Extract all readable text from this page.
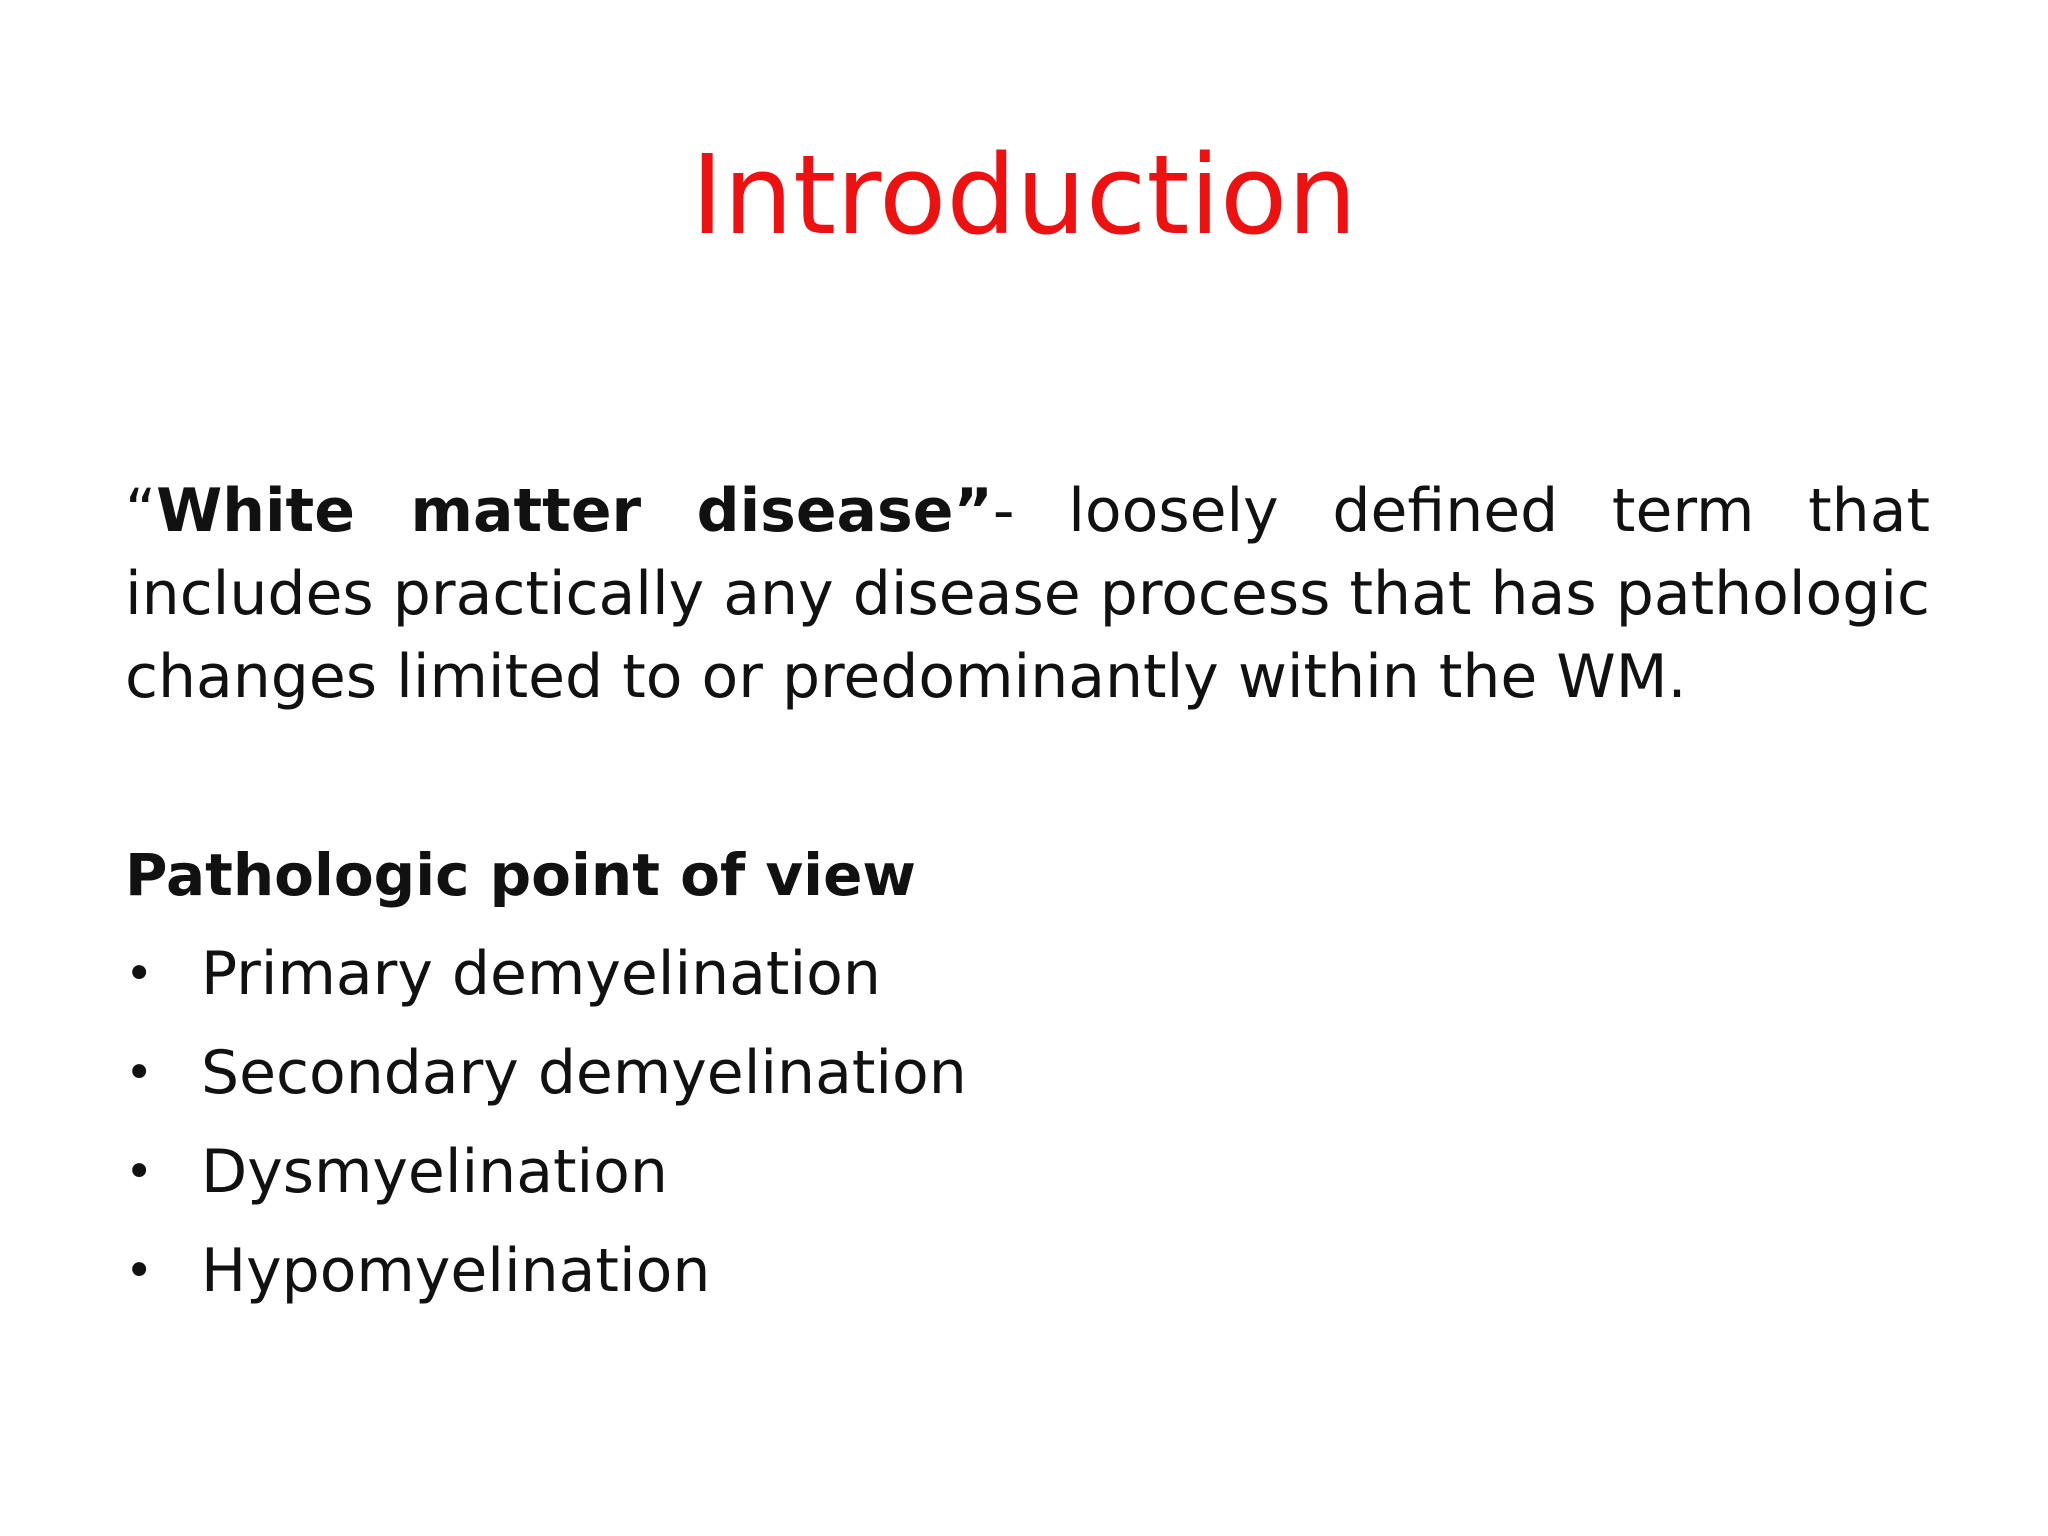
Introduction

“White matter disease”- loosely defined term that includes practically any disease process that has pathologic changes limited to or predominantly within the WM.

Pathologic point of view

• Primary demyelination
• Secondary demyelination
• Dysmyelination
• Hypomyelination
